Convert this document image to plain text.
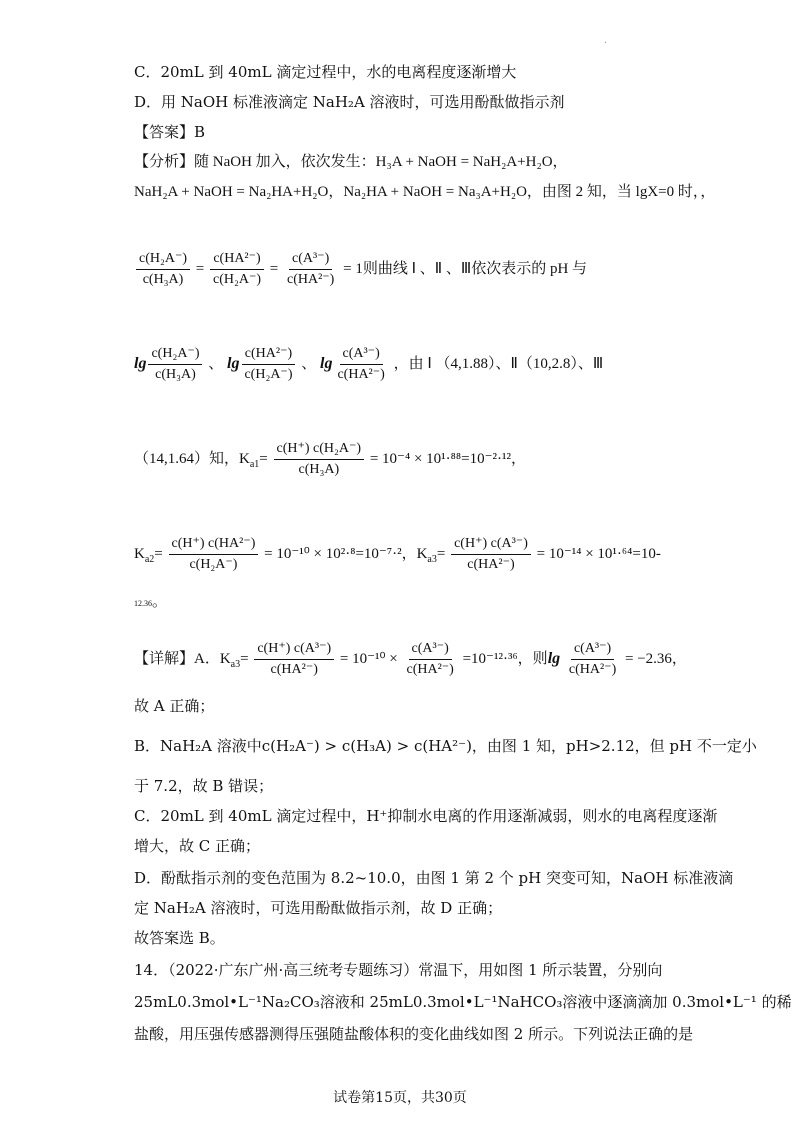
·
C．20mL 到 40mL 滴定过程中，水的电离程度逐渐增大
D．用 NaOH 标准液滴定 NaH₂A 溶液时，可选用酚酞做指示剂
【答案】B
【分析】随 NaOH 加入，依次发生：H₃A + NaOH = NaH₂A+H₂O，
NaH₂A + NaOH = Na₂HA+H₂O，Na₂HA + NaOH = Na₃A+H₂O，由图 2 知，当 lgX=0 时，，
$\frac{\text{c(H₂A⁻)}}{\text{c(H₃A)}} = \frac{\text{c(HA²⁻)}}{\text{c(H₂A⁻)}} = \frac{\text{c(A³⁻)}}{\text{c(HA²⁻)}} = 1$则曲线 Ⅰ 、Ⅱ 、Ⅲ依次表示的 pH 与
$\lg \frac{\text{c(H₂A⁻)}}{\text{c(H₃A)}}$ 、 $\lg \frac{\text{c(HA²⁻)}}{\text{c(H₂A⁻)}}$ 、 $\lg \frac{\text{c(A³⁻)}}{\text{c(HA²⁻)}}$ ，由 Ⅰ （4,1.88）、Ⅱ（10,2.8）、Ⅲ
（14,1.64）知，$K_{a1}= \frac{\text{c(H⁺) c(H₂A⁻)}}{\text{c(H₃A)}} = 10^{-4} \times 10^1\cdot^{88}=10^{-2}\cdot^{12}$，
$K_{a2}= \frac{\text{c(H⁺) c(HA²⁻)}}{\text{c(H₂A⁻)}} = 10^{-10} \times 10^2\cdot^8=10^{-7}\cdot^2$，$K_{a3}= \frac{\text{c(H⁺) c(A³⁻)}}{\text{c(HA²⁻)}} = 10^{-14} \times 10^1\cdot^{64}=10-$
12.36。
【详解】A．$K_{a3}= \frac{\text{c(H⁺) c(A³⁻)}}{\text{c(HA²⁻)}} = 10^{-10} \times \frac{\text{c(A³⁻)}}{\text{c(HA²⁻)}} =10^{-12}\cdot^{36}$，则$\lg \frac{\text{c(A³⁻)}}{\text{c(HA²⁻)}} = -2.36$，
故 A 正确；
B．NaH₂A 溶液中c(H₂A⁻) > c(H₃A) > c(HA²⁻)，由图 1 知，pH>2.12，但 pH 不一定小
于 7.2，故 B 错误；
C．20mL 到 40mL 滴定过程中，H⁺抑制水电离的作用逐渐减弱，则水的电离程度逐渐
增大，故 C 正确；
D．酚酞指示剂的变色范围为 8.2~10.0，由图 1 第 2 个 pH 突变可知，NaOH 标准液滴
定 NaH₂A 溶液时，可选用酚酞做指示剂，故 D 正确；
故答案选 B。
14．（2022·广东广州·高三统考专题练习）常温下，用如图 1 所示装置，分别向
25mL0.3mol•L⁻¹Na₂CO₃溶液和 25mL0.3mol•L⁻¹NaHCO₃溶液中逐滴滴加 0.3mol•L⁻¹ 的稀
盐酸，用压强传感器测得压强随盐酸体积的变化曲线如图 2 所示。下列说法正确的是
试卷第15页，共30页
